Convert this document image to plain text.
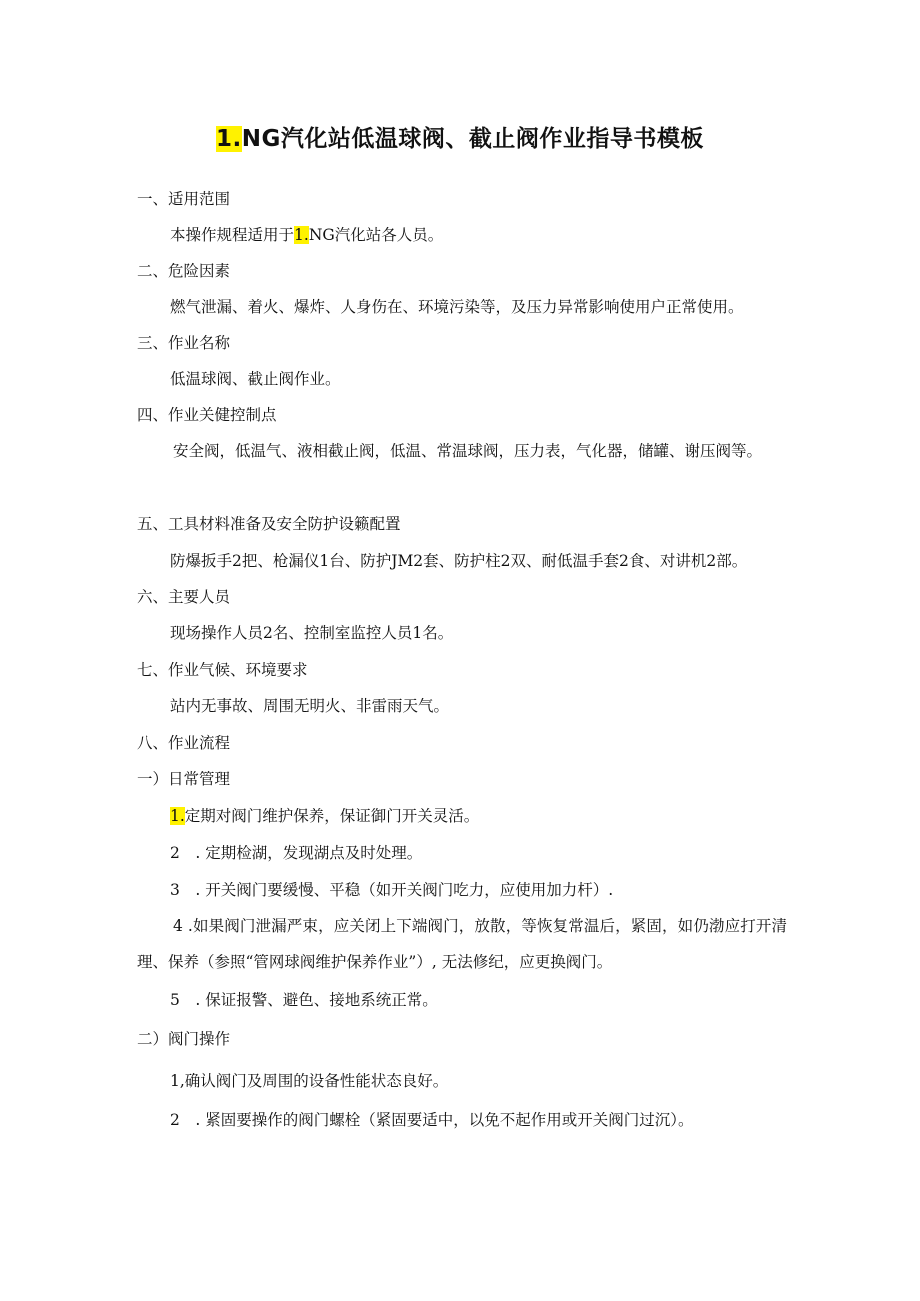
1.NG汽化站低温球阀、截止阀作业指导书模板
一、适用范围
本操作规程适用于1.NG汽化站各人员。
二、危险因素
燃气泄漏、着火、爆炸、人身伤在、环境污染等，及压力异常影响使用户正常使用。
三、作业名称
低温球阀、截止阀作业。
四、作业关健控制点
安全阀，低温气、液相截止阀，低温、常温球阀，压力表，气化器，储罐、谢压阀等。
五、工具材料准备及安全防护设籁配置
防爆扳手2把、枪漏仪1台、防护JM2套、防护柱2双、耐低温手套2食、对讲机2部。
六、主要人员
现场操作人员2名、控制室监控人员1名。
七、作业气候、环境要求
站内无事故、周围无明火、非雷雨天气。
八、作业流程
一）日常管理
1.定期对阀门维护保养，保证御门开关灵活。
2　. 定期检湖，发现湖点及时处理。
3　. 开关阀门要缓慢、平稳（如开关阀门吃力，应使用加力杆）.
4 .如果阀门泄漏严束，应关闭上下端阀门，放散，等恢复常温后，紧固，如仍渤应打开清理、保养（参照“管网球阀维护保养作业”）, 无法修纪，应更换阀门。
5　. 保证报警、避色、接地系统正常。
二）阀门操作
1,确认阀门及周围的设备性能状态良好。
2　. 紧固要操作的阀门螺栓（紧固要适中，以免不起作用或开关阀门过沉）。
